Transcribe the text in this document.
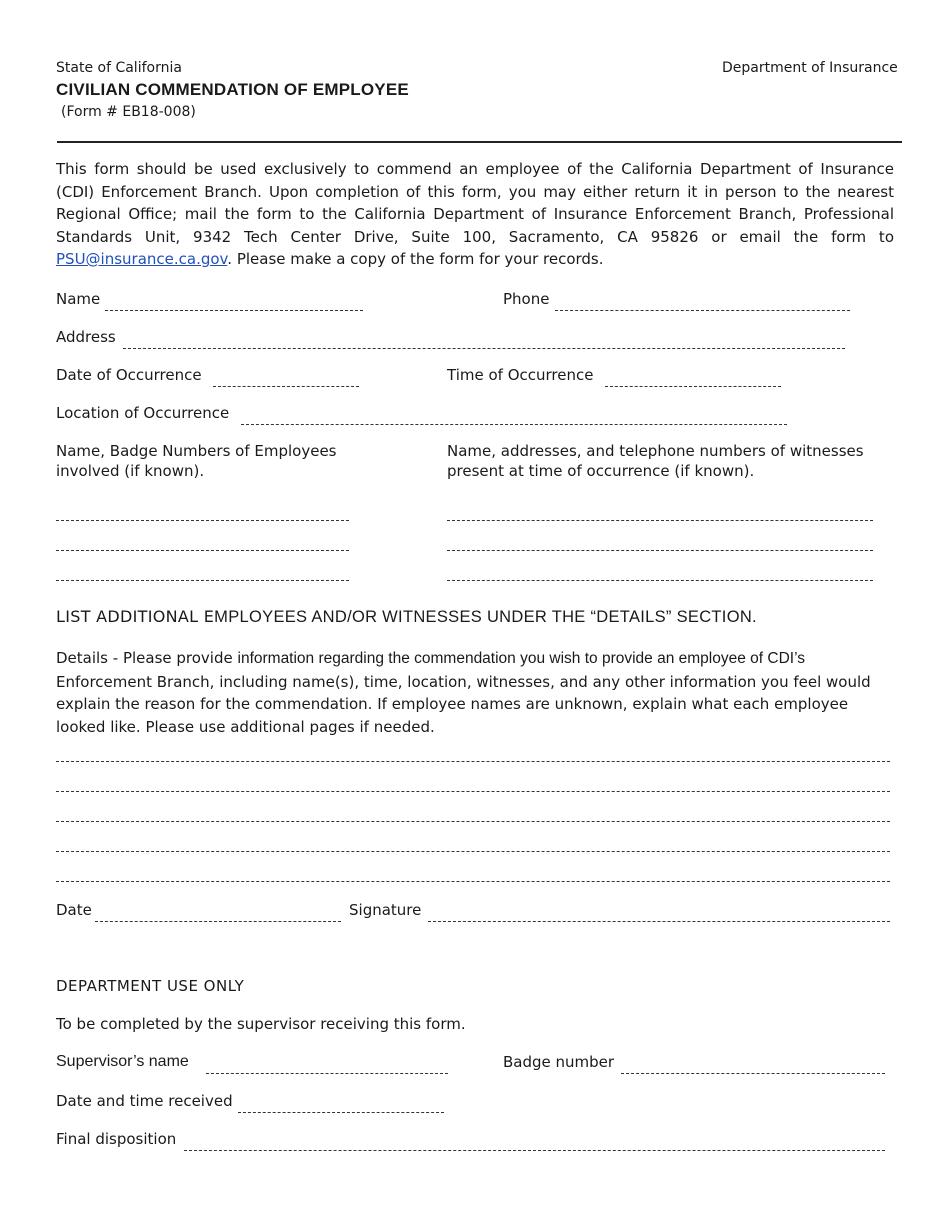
State of California	Department of Insurance
CIVILIAN COMMENDATION OF EMPLOYEE
(Form # EB18-008)
This form should be used exclusively to commend an employee of the California Department of Insurance (CDI) Enforcement Branch. Upon completion of this form, you may either return it in person to the nearest Regional Office; mail the form to the California Department of Insurance Enforcement Branch, Professional Standards Unit, 9342 Tech Center Drive, Suite 100, Sacramento, CA 95826 or email the form to PSU@insurance.ca.gov. Please make a copy of the form for your records.
Name	Phone
Address
Date of Occurrence	Time of Occurrence
Location of Occurrence
Name, Badge Numbers of Employees
involved (if known).
Name, addresses, and telephone numbers of witnesses
present at time of occurrence (if known).
LIST ADDITIONAL EMPLOYEES AND/OR WITNESSES UNDER THE “DETAILS” SECTION.
Details - Please provide information regarding the commendation you wish to provide an employee of CDI’s Enforcement Branch, including name(s), time, location, witnesses, and any other information you feel would explain the reason for the commendation. If employee names are unknown, explain what each employee looked like. Please use additional pages if needed.
Date	Signature
DEPARTMENT USE ONLY
To be completed by the supervisor receiving this form.
Supervisor’s name	Badge number
Date and time received
Final disposition
